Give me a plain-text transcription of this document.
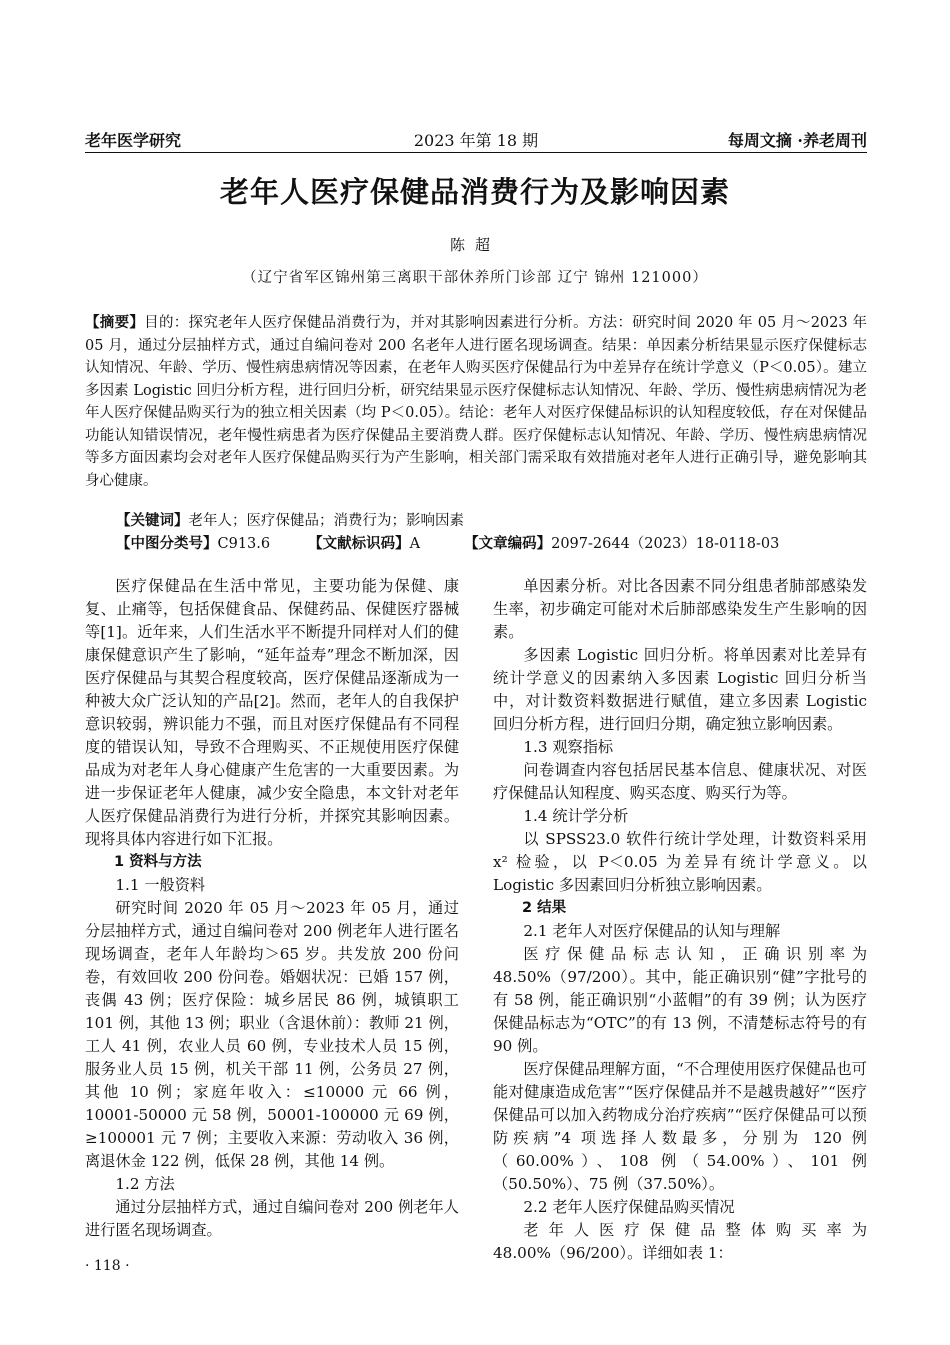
老年医学研究	2023 年第 18 期	每周文摘 ·养老周刊
老年人医疗保健品消费行为及影响因素
陈超
（辽宁省军区锦州第三离职干部休养所门诊部 辽宁 锦州 121000）
【摘要】目的：探究老年人医疗保健品消费行为，并对其影响因素进行分析。方法：研究时间 2020 年 05 月～2023 年 05 月，通过分层抽样方式，通过自编问卷对 200 名老年人进行匿名现场调查。结果：单因素分析结果显示医疗保健标志认知情况、年龄、学历、慢性病患病情况等因素，在老年人购买医疗保健品行为中差异存在统计学意义（P＜0.05）。建立多因素 Logistic 回归分析方程，进行回归分析，研究结果显示医疗保健标志认知情况、年龄、学历、慢性病患病情况为老年人医疗保健品购买行为的独立相关因素（均 P＜0.05）。结论：老年人对医疗保健品标识的认知程度较低，存在对保健品功能认知错误情况，老年慢性病患者为医疗保健品主要消费人群。医疗保健标志认知情况、年龄、学历、慢性病患病情况等多方面因素均会对老年人医疗保健品购买行为产生影响，相关部门需采取有效措施对老年人进行正确引导，避免影响其身心健康。
【关键词】老年人；医疗保健品；消费行为；影响因素
【中图分类号】C913.6	【文献标识码】A	【文章编码】2097-2644（2023）18-0118-03

医疗保健品在生活中常见，主要功能为保健、康复、止痛等，包括保健食品、保健药品、保健医疗器械等[1]。近年来，人们生活水平不断提升同样对人们的健康保健意识产生了影响，“延年益寿”理念不断加深，因医疗保健品与其契合程度较高，医疗保健品逐渐成为一种被大众广泛认知的产品[2]。然而，老年人的自我保护意识较弱，辨识能力不强，而且对医疗保健品有不同程度的错误认知，导致不合理购买、不正规使用医疗保健品成为对老年人身心健康产生危害的一大重要因素。为进一步保证老年人健康，减少安全隐患，本文针对老年人医疗保健品消费行为进行分析，并探究其影响因素。现将具体内容进行如下汇报。

1 资料与方法

1.1 一般资料

研究时间 2020 年 05 月～2023 年 05 月，通过分层抽样方式，通过自编问卷对 200 例老年人进行匿名现场调查，老年人年龄均＞65 岁。共发放 200 份问卷，有效回收 200 份问卷。婚姻状况：已婚 157 例，丧偶 43 例；医疗保险：城乡居民 86 例，城镇职工 101 例，其他 13 例；职业（含退休前）：教师 21 例，工人 41 例，农业人员 60 例，专业技术人员 15 例，服务业人员 15 例，机关干部 11 例，公务员 27 例，其他 10 例；家庭年收入：≤10000 元 66 例，10001-50000 元 58 例，50001-100000 元 69 例，≥100001 元 7 例；主要收入来源：劳动收入 36 例，离退休金 122 例，低保 28 例，其他 14 例。

1.2 方法

通过分层抽样方式，通过自编问卷对 200 例老年人进行匿名现场调查。

单因素分析。对比各因素不同分组患者肺部感染发生率，初步确定可能对术后肺部感染发生产生影响的因素。

多因素 Logistic 回归分析。将单因素对比差异有统计学意义的因素纳入多因素 Logistic 回归分析当中，对计数资料数据进行赋值，建立多因素 Logistic 回归分析方程，进行回归分期，确定独立影响因素。

1.3 观察指标

问卷调查内容包括居民基本信息、健康状况、对医疗保健品认知程度、购买态度、购买行为等。

1.4 统计学分析

以 SPSS23.0 软件行统计学处理，计数资料采用 x² 检验，以 P＜0.05 为差异有统计学意义。以 Logistic 多因素回归分析独立影响因素。

2 结果

2.1 老年人对医疗保健品的认知与理解

医疗保健品标志认知，正确识别率为 48.50%（97/200）。其中，能正确识别“健”字批号的有 58 例，能正确识别“小蓝帽”的有 39 例；认为医疗保健品标志为“OTC”的有 13 例，不清楚标志符号的有 90 例。

医疗保健品理解方面，“不合理使用医疗保健品也可能对健康造成危害”“医疗保健品并不是越贵越好”“医疗保健品可以加入药物成分治疗疾病”“医疗保健品可以预防疾病”4 项选择人数最多，分别为 120 例（60.00%）、108 例（54.00%）、101 例（50.50%）、75 例（37.50%）。

2.2 老年人医疗保健品购买情况

老年人医疗保健品整体购买率为 48.00%（96/200）。详细如表 1：

· 118 ·
